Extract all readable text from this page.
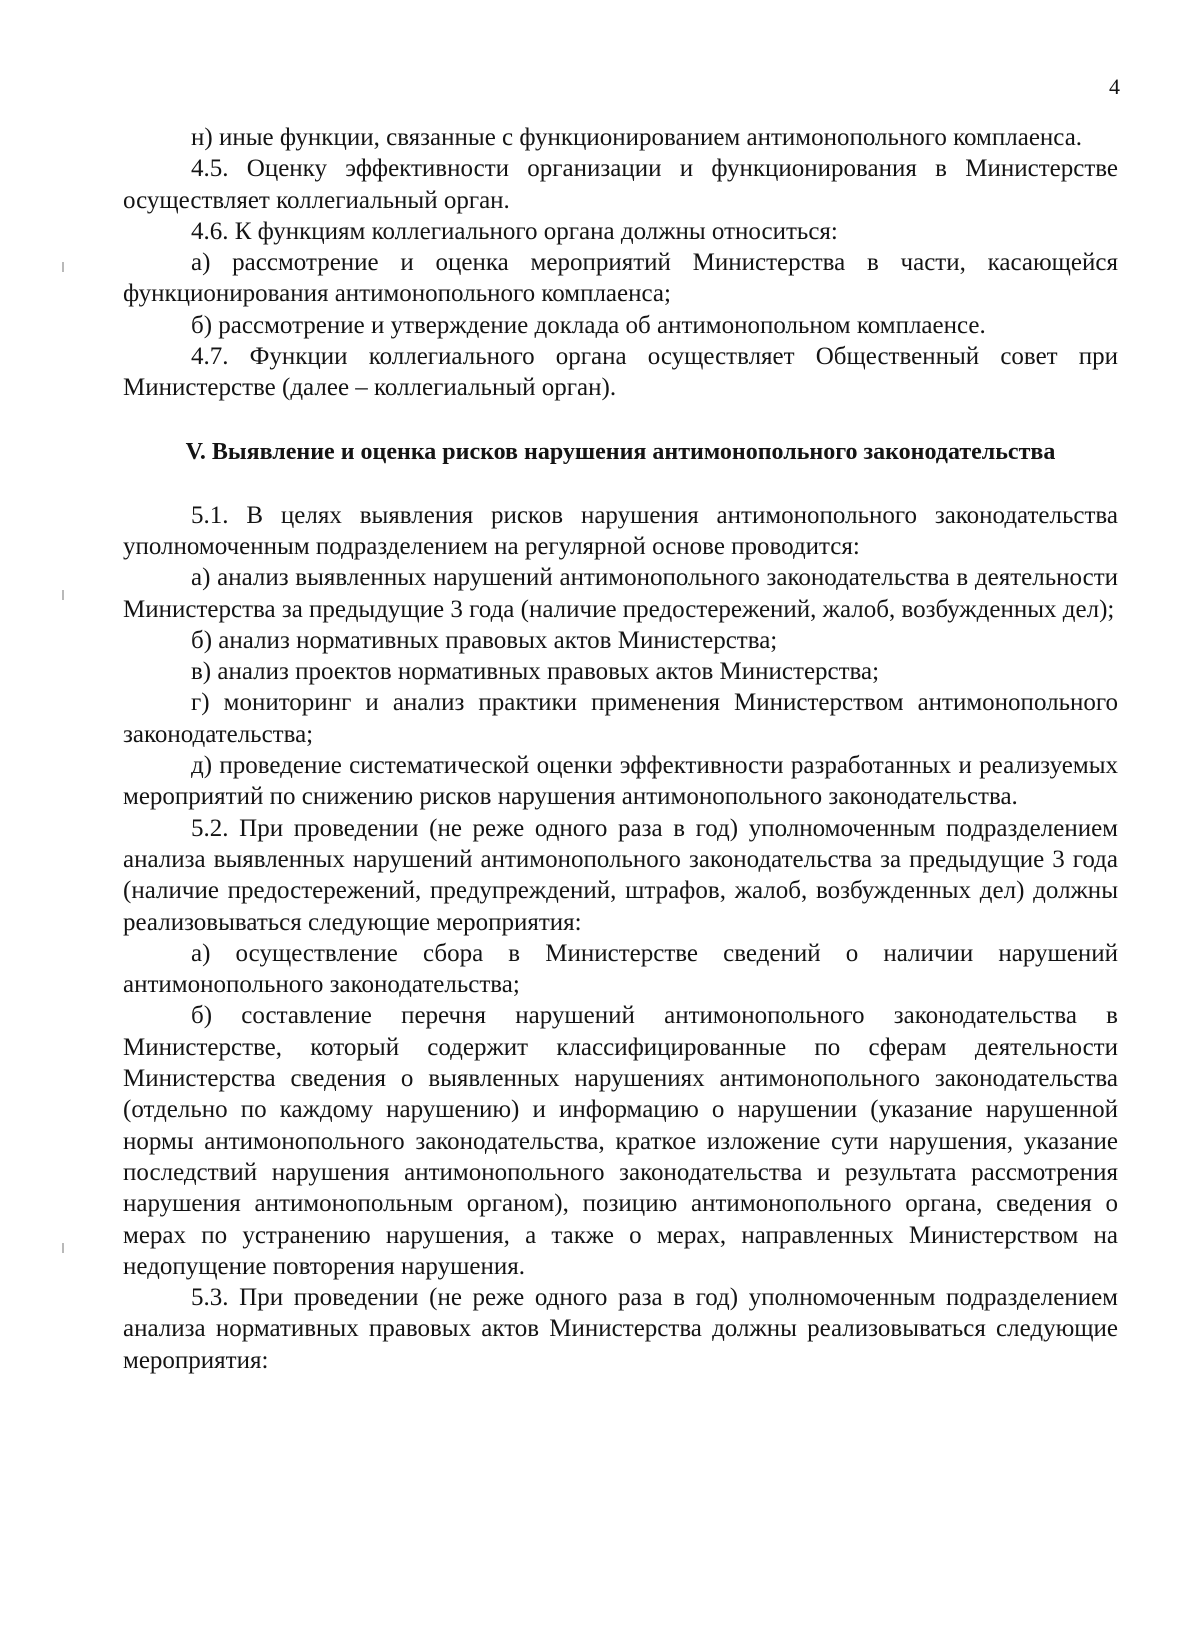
4

н) иные функции, связанные с функционированием антимонопольного комплаенса.

4.5. Оценку эффективности организации и функционирования в Министерстве осуществляет коллегиальный орган.

4.6. К функциям коллегиального органа должны относиться:

а) рассмотрение и оценка мероприятий Министерства в части, касающейся функционирования антимонопольного комплаенса;

б) рассмотрение и утверждение доклада об антимонопольном комплаенсе.

4.7. Функции коллегиального органа осуществляет Общественный совет при Министерстве (далее – коллегиальный орган).

V. Выявление и оценка рисков нарушения антимонопольного законодательства

5.1. В целях выявления рисков нарушения антимонопольного законодательства уполномоченным подразделением на регулярной основе проводится:

а) анализ выявленных нарушений антимонопольного законодательства в деятельности Министерства за предыдущие 3 года (наличие предостережений, жалоб, возбужденных дел);

б) анализ нормативных правовых актов Министерства;

в) анализ проектов нормативных правовых актов Министерства;

г) мониторинг и анализ практики применения Министерством антимонопольного законодательства;

д) проведение систематической оценки эффективности разработанных и реализуемых мероприятий по снижению рисков нарушения антимонопольного законодательства.

5.2. При проведении (не реже одного раза в год) уполномоченным подразделением анализа выявленных нарушений антимонопольного законодательства за предыдущие 3 года (наличие предостережений, предупреждений, штрафов, жалоб, возбужденных дел) должны реализовываться следующие мероприятия:

а) осуществление сбора в Министерстве сведений о наличии нарушений антимонопольного законодательства;

б) составление перечня нарушений антимонопольного законодательства в Министерстве, который содержит классифицированные по сферам деятельности Министерства сведения о выявленных нарушениях антимонопольного законодательства (отдельно по каждому нарушению) и информацию о нарушении (указание нарушенной нормы антимонопольного законодательства, краткое изложение сути нарушения, указание последствий нарушения антимонопольного законодательства и результата рассмотрения нарушения антимонопольным органом), позицию антимонопольного органа, сведения о мерах по устранению нарушения, а также о мерах, направленных Министерством на недопущение повторения нарушения.

5.3. При проведении (не реже одного раза в год) уполномоченным подразделением анализа нормативных правовых актов Министерства должны реализовываться следующие мероприятия:
